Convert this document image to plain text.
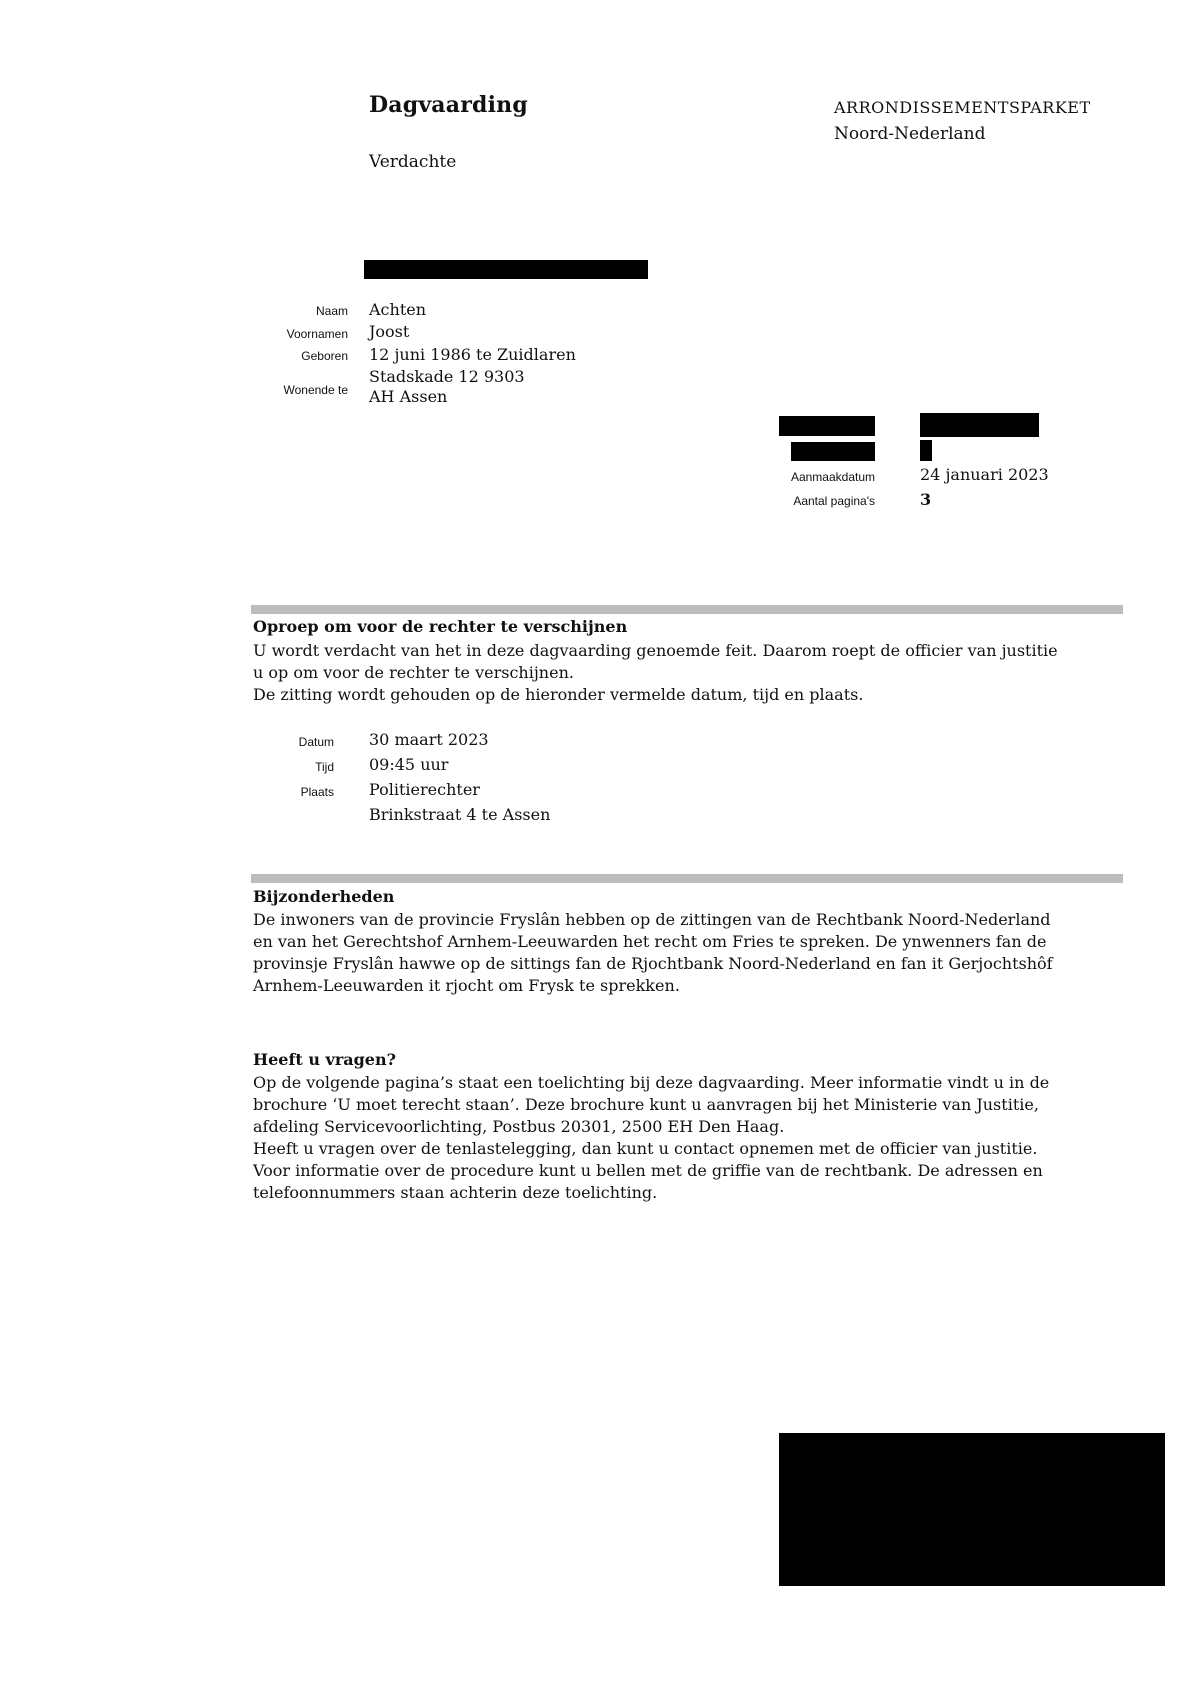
Dagvaarding
Verdachte
ARRONDISSEMENTSPARKET
Noord-Nederland
Naam Achten
Voornamen Joost
Geboren 12 juni 1986 te Zuidlaren
Wonende te
Stadskade 12 9303
AH Assen
Aanmaakdatum	24 januari 2023
Aantal pagina's	3
Oproep om voor de rechter te verschijnen

U wordt verdacht van het in deze dagvaarding genoemde feit. Daarom roept de officier van justitie

u op om voor de rechter te verschijnen.

De zitting wordt gehouden op de hieronder vermelde datum, tijd en plaats.

Datum 30 maart 2023
Tijd 09:45 uur
Plaats Politierechter
Brinkstraat 4 te Assen
Bijzonderheden

De inwoners van de provincie Fryslân hebben op de zittingen van de Rechtbank Noord-Nederland

en van het Gerechtshof Arnhem-Leeuwarden het recht om Fries te spreken. De ynwenners fan de

provinsje Fryslân hawwe op de sittings fan de Rjochtbank Noord-Nederland en fan it Gerjochtshôf

Arnhem-Leeuwarden it rjocht om Frysk te sprekken.

Heeft u vragen?

Op de volgende pagina’s staat een toelichting bij deze dagvaarding. Meer informatie vindt u in de

brochure ‘U moet terecht staan’. Deze brochure kunt u aanvragen bij het Ministerie van Justitie,

afdeling Servicevoorlichting, Postbus 20301, 2500 EH Den Haag.

Heeft u vragen over de tenlastelegging, dan kunt u contact opnemen met de officier van justitie.

Voor informatie over de procedure kunt u bellen met de griffie van de rechtbank. De adressen en

telefoonnummers staan achterin deze toelichting.
